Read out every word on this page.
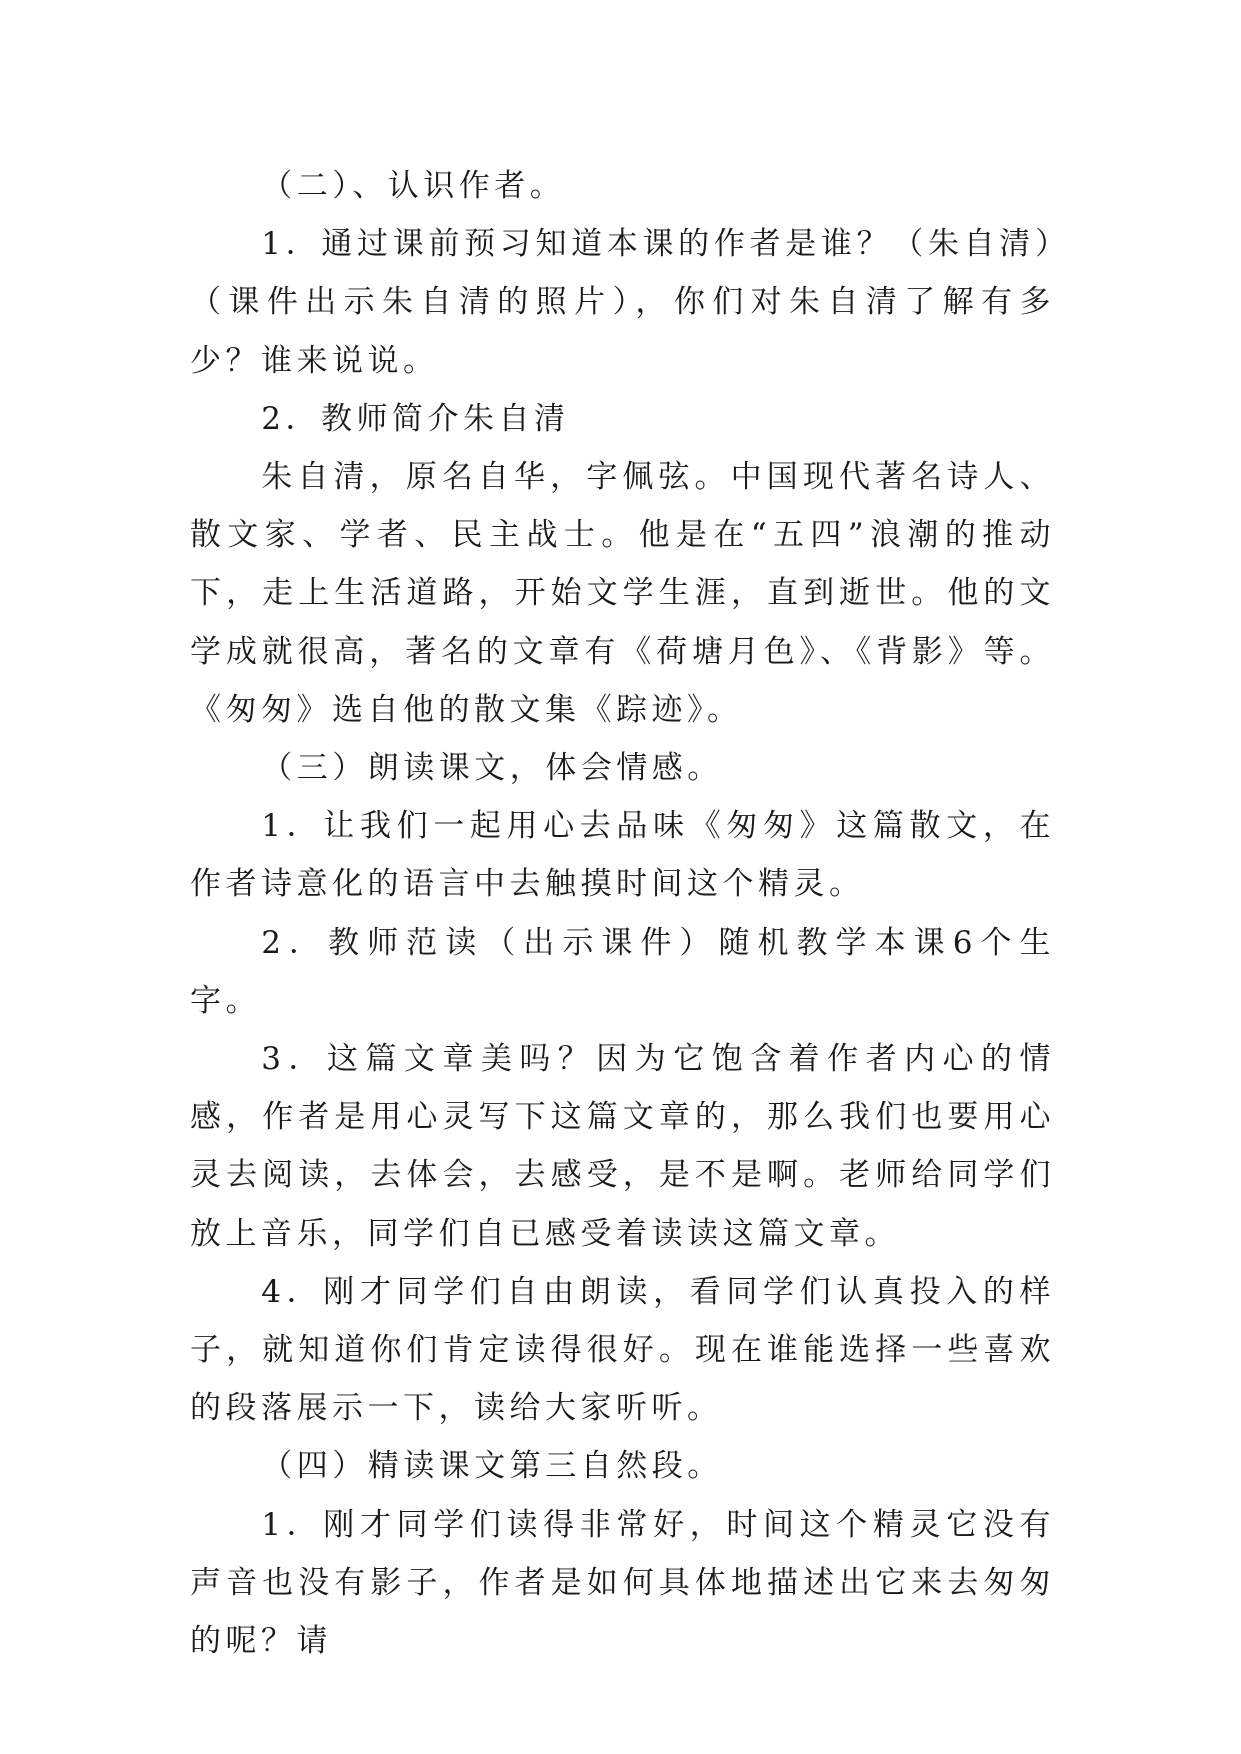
（二）、认识作者。

1．通过课前预习知道本课的作者是谁？（朱自清）（课件出示朱自清的照片），你们对朱自清了解有多少？谁来说说。

2．教师简介朱自清

朱自清，原名自华，字佩弦。中国现代著名诗人、散文家、学者、民主战士。他是在“五四”浪潮的推动下，走上生活道路，开始文学生涯，直到逝世。他的文学成就很高，著名的文章有《荷塘月色》、《背影》等。《匆匆》选自他的散文集《踪迹》。

（三）朗读课文，体会情感。

1．让我们一起用心去品味《匆匆》这篇散文，在作者诗意化的语言中去触摸时间这个精灵。

2．教师范读（出示课件）随机教学本课6个生字。

3．这篇文章美吗？因为它饱含着作者内心的情感，作者是用心灵写下这篇文章的，那么我们也要用心灵去阅读，去体会，去感受，是不是啊。老师给同学们放上音乐，同学们自已感受着读读这篇文章。

4．刚才同学们自由朗读，看同学们认真投入的样子，就知道你们肯定读得很好。现在谁能选择一些喜欢的段落展示一下，读给大家听听。

（四）精读课文第三自然段。

1．刚才同学们读得非常好，时间这个精灵它没有声音也没有影子，作者是如何具体地描述出它来去匆匆的呢？请
